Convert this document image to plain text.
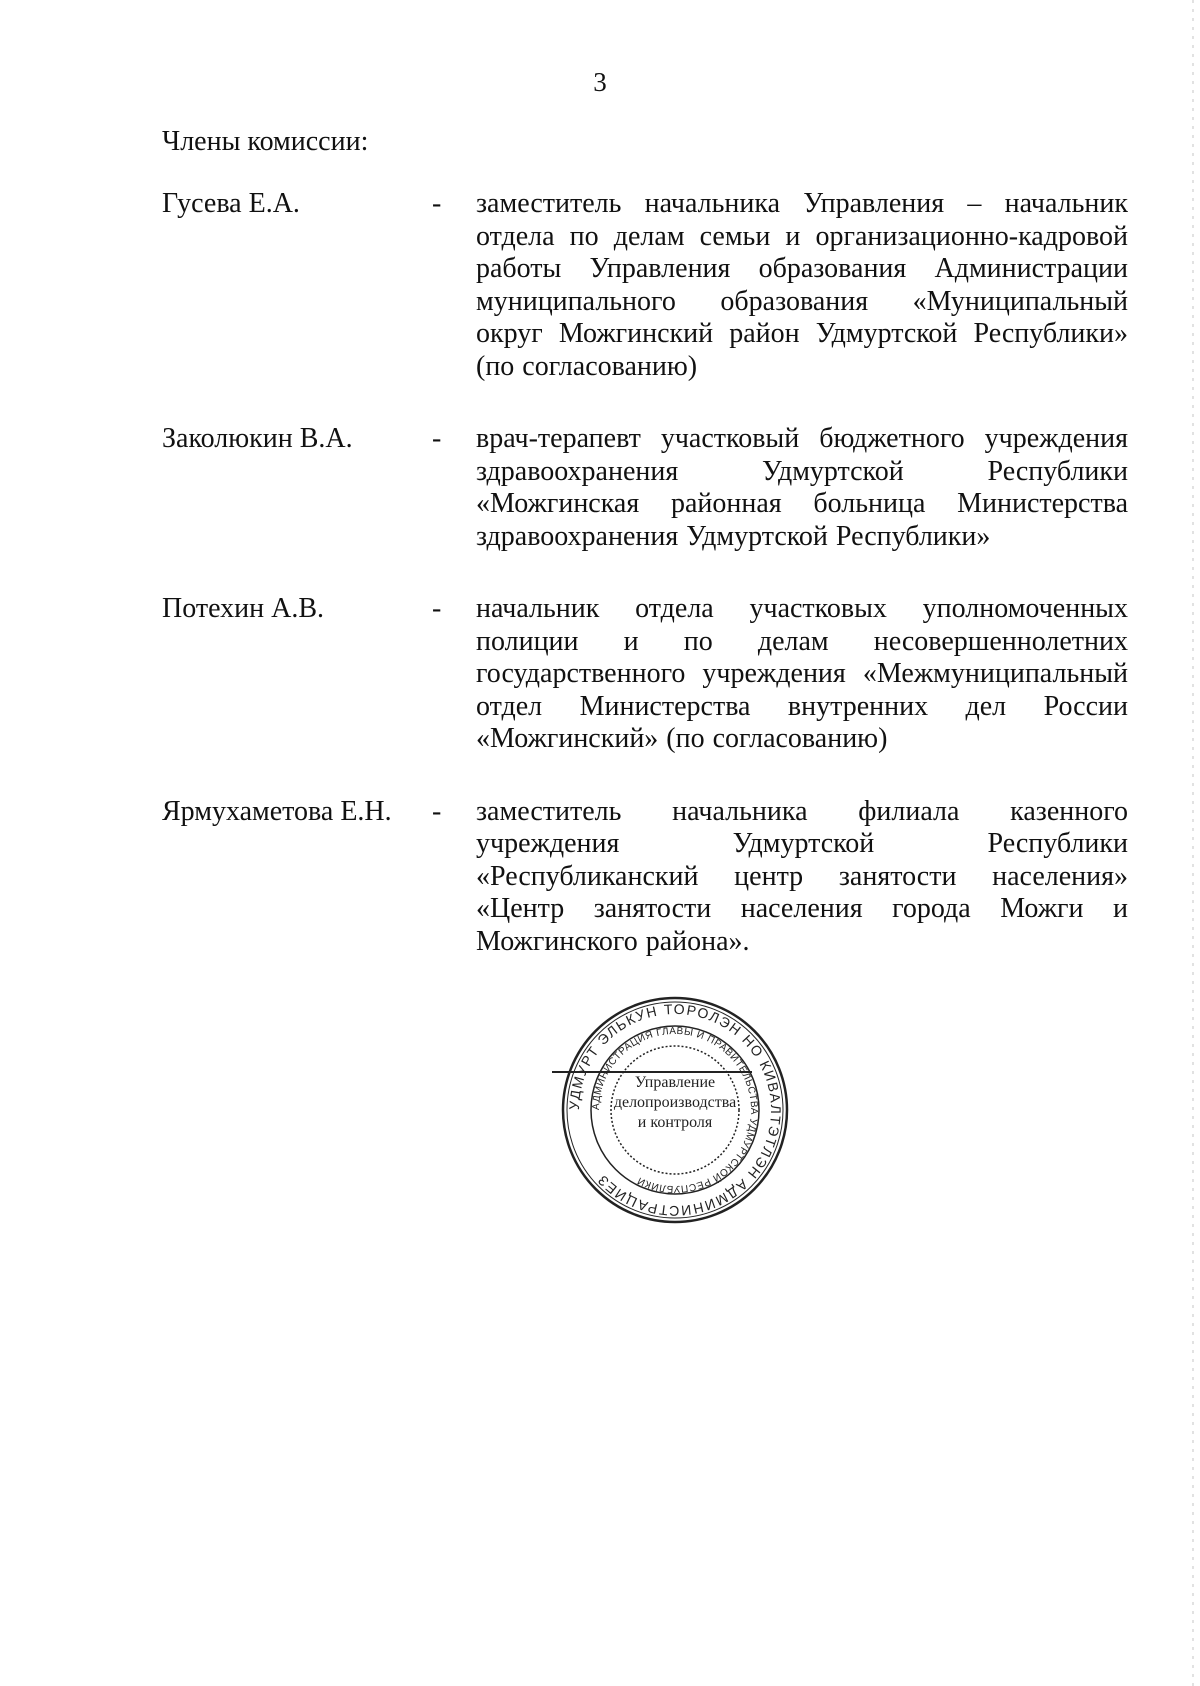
3
Члены комиссии:
Гусева Е.А.	-	заместитель начальника Управления – начальник отдела по делам семьи и организационно-кадровой работы Управления образования Администрации муниципального образования «Муниципальный округ Можгинский район Удмуртской Республики» (по согласованию)
Заколюкин В.А.	-	врач-терапевт участковый бюджетного учреждения здравоохранения Удмуртской Республики «Можгинская районная больница Министерства здравоохранения Удмуртской Республики»
Потехин А.В.	-	начальник отдела участковых уполномоченных полиции и по делам несовершеннолетних государственного учреждения «Межмуниципальный отдел Министерства внутренних дел России «Можгинский» (по согласованию)
Ярмухаметова Е.Н.	-	заместитель начальника филиала казенного учреждения Удмуртской Республики «Республиканский центр занятости населения» «Центр занятости населения города Можги и Можгинского района».
УДМУРТ ЭЛЬКУН ТОРОЛЭН НО КИВАЛТЭТЛЭН АДМИНИСТРАЦИЕЗ
АДМИНИСТРАЦИЯ ГЛАВЫ И ПРАВИТЕЛЬСТВА УДМУРТСКОЙ РЕСПУБЛИКИ
Управление
делопроизводства
и контроля
